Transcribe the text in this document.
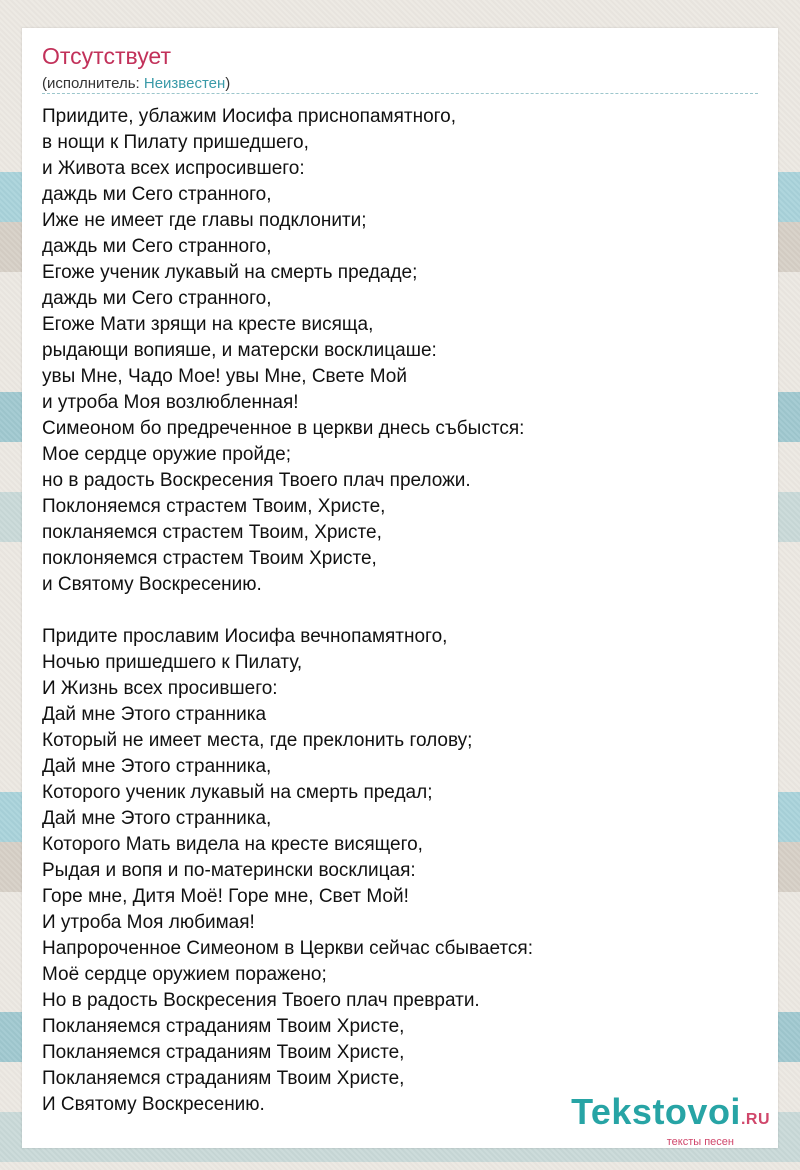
Отсутствует
(исполнитель: Неизвестен)
Приидите, ублажим Иосифа приснопамятного,
в нощи к Пилату пришедшего,
и Живота всех испросившего:
даждь ми Сего странного,
Иже не имеет где главы подклонити;
даждь ми Сего странного,
Егоже ученик лукавый на смерть предаде;
даждь ми Сего странного,
Егоже Мати зрящи на кресте висяща,
рыдающи вопияше, и матерски восклицаше:
увы Мне, Чадо Мое! увы Мне, Свете Мой
и утроба Моя возлюбленная!
Симеоном бо предреченное в церкви днесь събыстся:
Мое сердце оружие пройде;
но в радость Воскресения Твоего плач преложи.
Поклоняемся страстем Твоим, Христе,
покланяемся страстем Твоим, Христе,
поклоняемся страстем Твоим Христе,
и Святому Воскресению.
Придите прославим Иосифа вечнопамятного,
Ночью пришедшего к Пилату,
И Жизнь всех просившего:
Дай мне Этого странника
Который не имеет места, где преклонить голову;
Дай мне Этого странника,
Которого ученик лукавый на смерть предал;
Дай мне Этого странника,
Которого Мать видела на кресте висящего,
Рыдая и вопя и по-матерински восклицая:
Горе мне, Дитя Моё! Горе мне, Свет Мой!
И утроба Моя любимая!
Напророченное Симеоном в Церкви сейчас сбывается:
Моё сердце оружием поражено;
Но в радость Воскресения Твоего плач преврати.
Покланяемся страданиям Твоим Христе,
Покланяемся страданиям Твоим Христе,
Покланяемся страданиям Твоим Христе,
И Святому Воскресению.	Tekstovoi.RU
тексты песен
